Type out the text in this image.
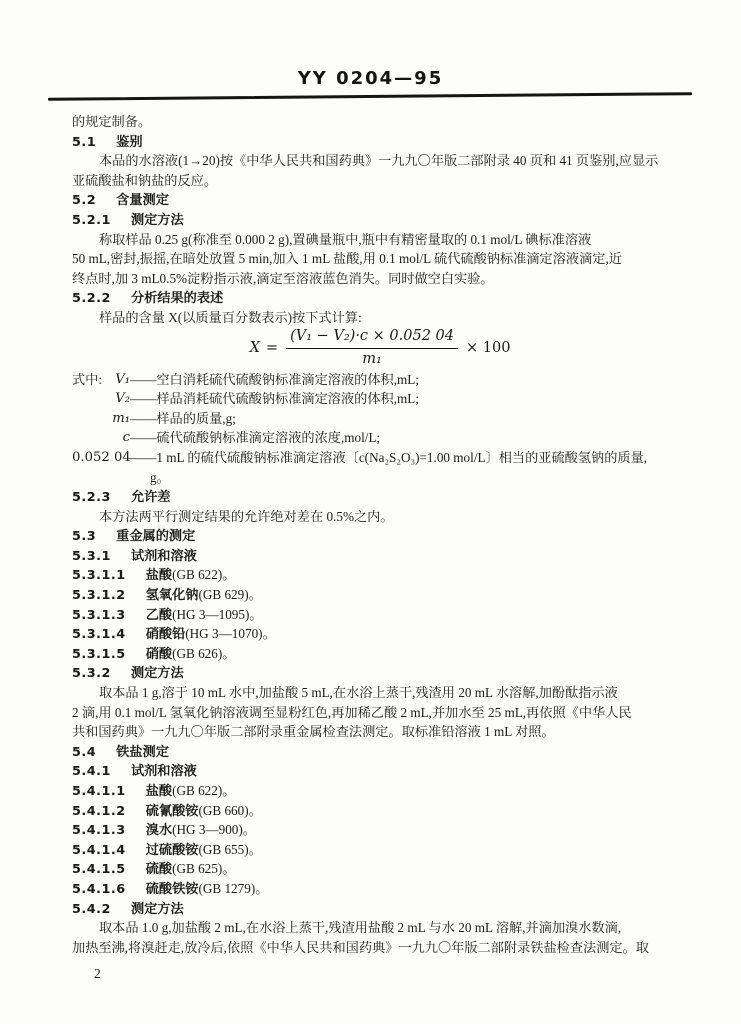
YY 0204—95
的规定制备。
5.1 鉴别
本品的水溶液(1→20)按《中华人民共和国药典》一九九〇年版二部附录 40 页和 41 页鉴别,应显示
亚硫酸盐和钠盐的反应。
5.2 含量测定
5.2.1 测定方法
称取样品 0.25 g(称准至 0.000 2 g),置碘量瓶中,瓶中有精密量取的 0.1 mol/L 碘标准溶液
50 mL,密封,振摇,在暗处放置 5 min,加入 1 mL 盐酸,用 0.1 mol/L 硫代硫酸钠标准滴定溶液滴定,近
终点时,加 3 mL0.5%淀粉指示液,滴定至溶液蓝色消失。同时做空白实验。
5.2.2 分析结果的表述
样品的含量 X(以质量百分数表示)按下式计算:
$X = \frac{\text{(V₁ − V₂)·c × 0.052 04}}{\text{m₁}} \times 100$
式中: V₁ —— 空白消耗硫代硫酸钠标准滴定溶液的体积,mL;
V₂ —— 样品消耗硫代硫酸钠标准滴定溶液的体积,mL;
m₁ —— 样品的质量,g;
c —— 硫代硫酸钠标准滴定溶液的浓度,mol/L;
0.052 04 —— 1 mL 的硫代硫酸钠标准滴定溶液〔c(Na₂S₂O₃)=1.00 mol/L〕相当的亚硫酸氢钠的质量,
g。
5.2.3 允许差
本方法两平行测定结果的允许绝对差在 0.5%之内。
5.3 重金属的测定
5.3.1 试剂和溶液
5.3.1.1 盐酸(GB 622)。
5.3.1.2 氢氧化钠(GB 629)。
5.3.1.3 乙酸(HG 3—1095)。
5.3.1.4 硝酸铅(HG 3—1070)。
5.3.1.5 硝酸(GB 626)。
5.3.2 测定方法
取本品 1 g,溶于 10 mL 水中,加盐酸 5 mL,在水浴上蒸干,残渣用 20 mL 水溶解,加酚酞指示液
2 滴,用 0.1 mol/L 氢氧化钠溶液调至显粉红色,再加稀乙酸 2 mL,并加水至 25 mL,再依照《中华人民
共和国药典》一九九〇年版二部附录重金属检查法测定。取标准铅溶液 1 mL 对照。
5.4 铁盐测定
5.4.1 试剂和溶液
5.4.1.1 盐酸(GB 622)。
5.4.1.2 硫氰酸铵(GB 660)。
5.4.1.3 溴水(HG 3—900)。
5.4.1.4 过硫酸铵(GB 655)。
5.4.1.5 硫酸(GB 625)。
5.4.1.6 硫酸铁铵(GB 1279)。
5.4.2 测定方法
取本品 1.0 g,加盐酸 2 mL,在水浴上蒸干,残渣用盐酸 2 mL 与水 20 mL 溶解,并滴加溴水数滴,
加热至沸,将溴赶走,放冷后,依照《中华人民共和国药典》一九九〇年版二部附录铁盐检查法测定。取
2
